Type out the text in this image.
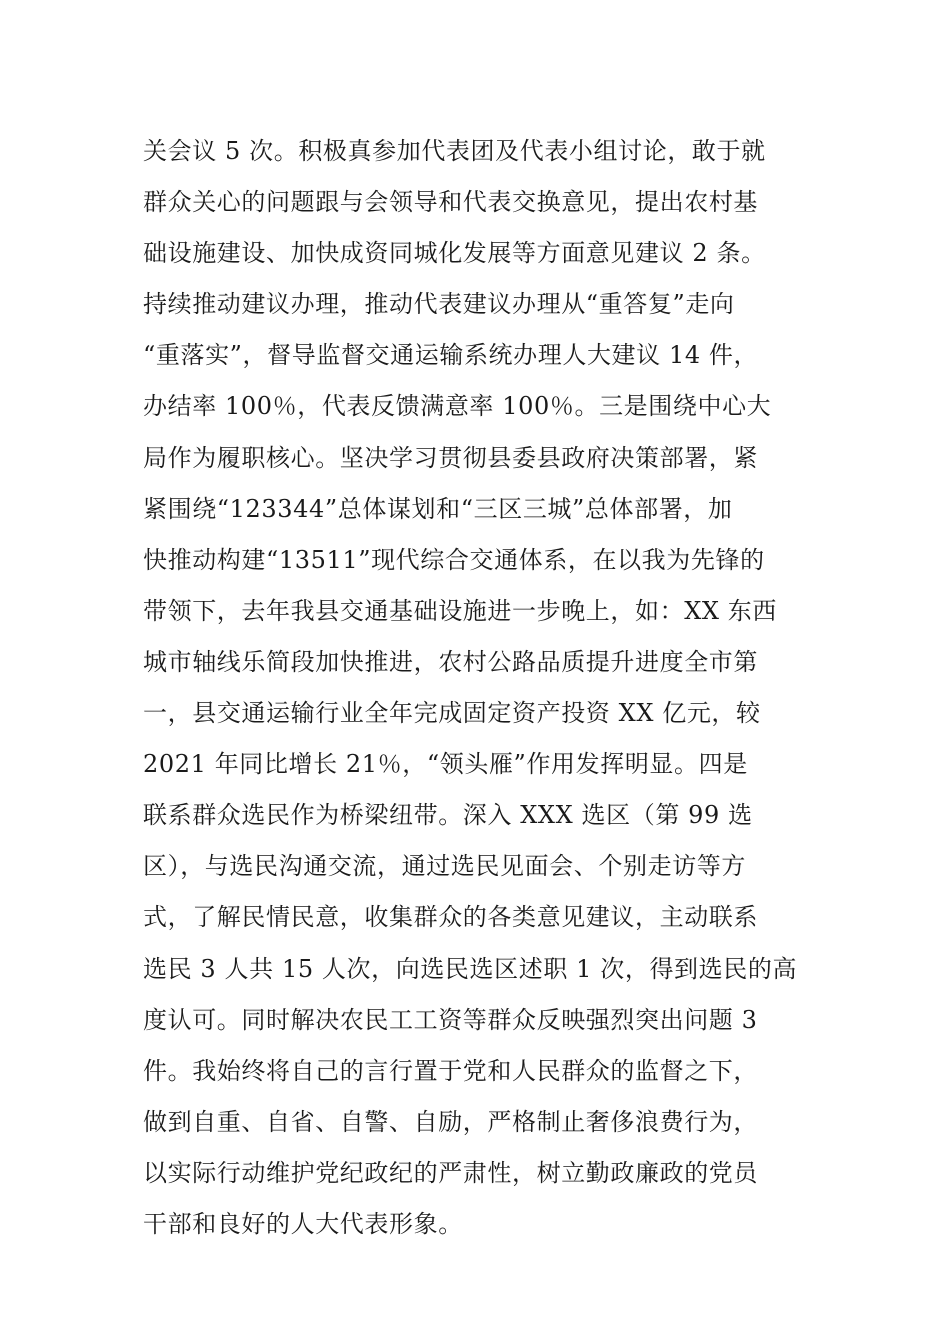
关会议 5 次。积极真参加代表团及代表小组讨论，敢于就
群众关心的问题跟与会领导和代表交换意见，提出农村基
础设施建设、加快成资同城化发展等方面意见建议 2 条。
持续推动建议办理，推动代表建议办理从“重答复”走向
“重落实”，督导监督交通运输系统办理人大建议 14 件，
办结率 100％，代表反馈满意率 100％。三是围绕中心大
局作为履职核心。坚决学习贯彻县委县政府决策部署，紧
紧围绕“123344”总体谋划和“三区三城”总体部署，加
快推动构建“13511”现代综合交通体系，在以我为先锋的
带领下，去年我县交通基础设施进一步晚上，如：XX 东西
城市轴线乐简段加快推进，农村公路品质提升进度全市第
一，县交通运输行业全年完成固定资产投资 XX 亿元，较
2021 年同比增长 21％，“领头雁”作用发挥明显。四是
联系群众选民作为桥梁纽带。深入 XXX 选区（第 99 选
区），与选民沟通交流，通过选民见面会、个别走访等方
式，了解民情民意，收集群众的各类意见建议，主动联系
选民 3 人共 15 人次，向选民选区述职 1 次，得到选民的高
度认可。同时解决农民工工资等群众反映强烈突出问题 3
件。我始终将自己的言行置于党和人民群众的监督之下，
做到自重、自省、自警、自励，严格制止奢侈浪费行为，
以实际行动维护党纪政纪的严肃性，树立勤政廉政的党员
干部和良好的人大代表形象。
